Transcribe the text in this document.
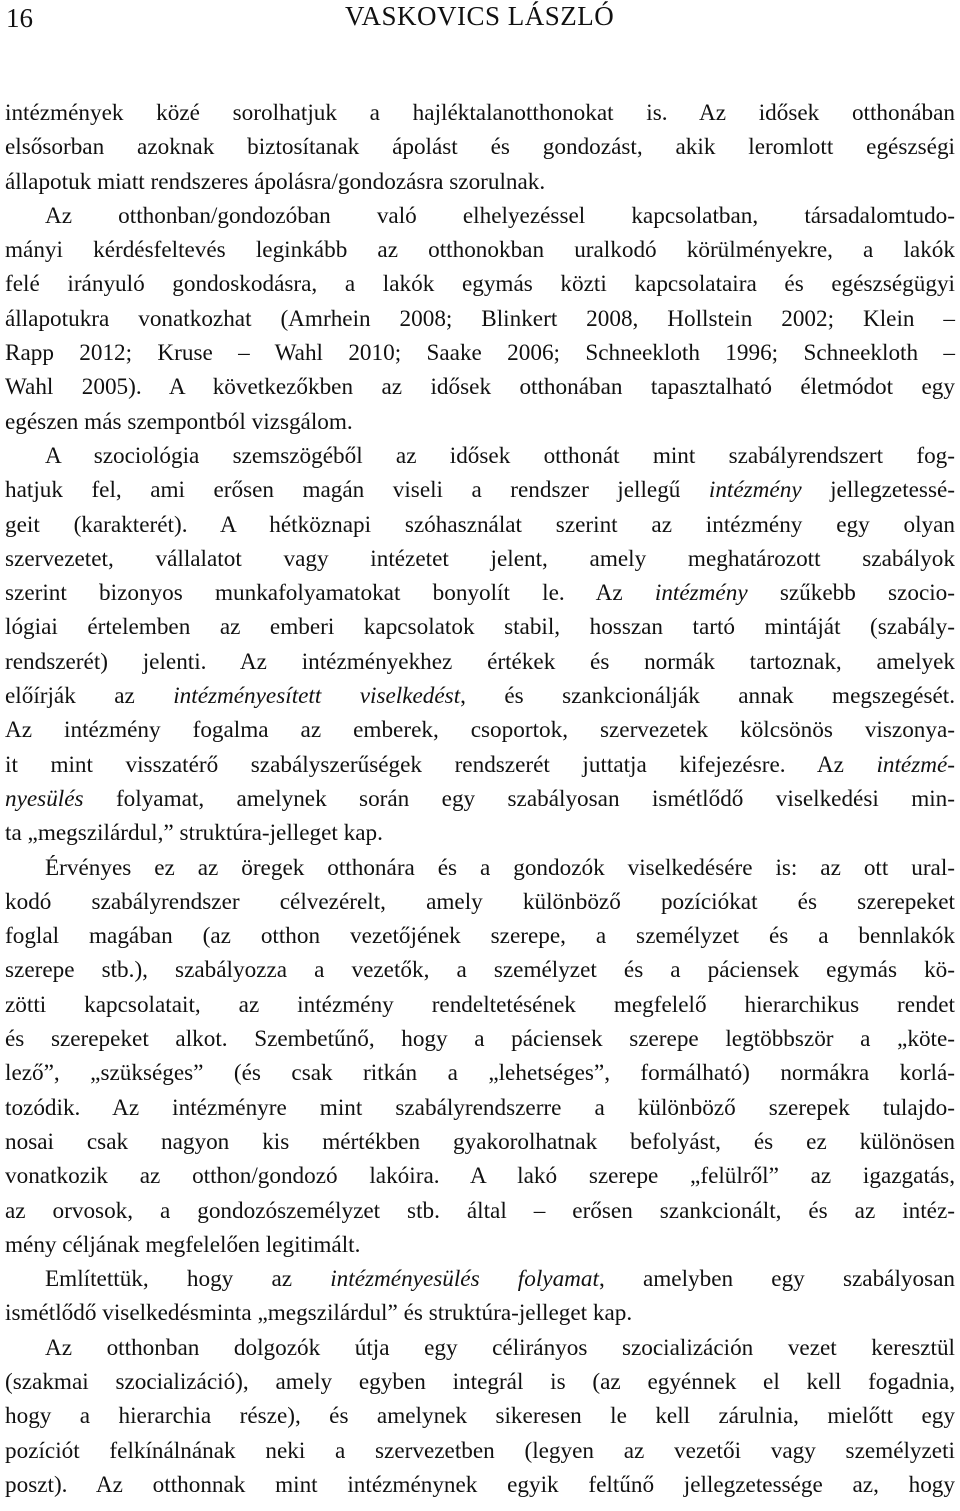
16	VASKOVICS LÁSZLÓ
intézmények közé sorolhatjuk a hajléktalanotthonokat is. Az idősek otthonában
elsősorban azoknak biztosítanak ápolást és gondozást, akik leromlott egészségi
állapotuk miatt rendszeres ápolásra/gondozásra szorulnak.
Az otthonban/gondozóban való elhelyezéssel kapcsolatban, társadalomtudo-
mányi kérdésfeltevés leginkább az otthonokban uralkodó körülményekre, a lakók
felé irányuló gondoskodásra, a lakók egymás közti kapcsolataira és egészségügyi
állapotukra vonatkozhat (Amrhein 2008; Blinkert 2008, Hollstein 2002; Klein –
Rapp 2012; Kruse – Wahl 2010; Saake 2006; Schneekloth 1996; Schneekloth –
Wahl 2005). A következőkben az idősek otthonában tapasztalható életmódot egy
egészen más szempontból vizsgálom.
A szociológia szemszögéből az idősek otthonát mint szabályrendszert fog-
hatjuk fel, ami erősen magán viseli a rendszer jellegű intézmény jellegzetessé-
geit (karakterét). A hétköznapi szóhasználat szerint az intézmény egy olyan
szervezetet, vállalatot vagy intézetet jelent, amely meghatározott szabályok
szerint bizonyos munkafolyamatokat bonyolít le. Az intézmény szűkebb szocio-
lógiai értelemben az emberi kapcsolatok stabil, hosszan tartó mintáját (szabály-
rendszerét) jelenti. Az intézményekhez értékek és normák tartoznak, amelyek
előírják az intézményesített viselkedést, és szankcionálják annak megszegését.
Az intézmény fogalma az emberek, csoportok, szervezetek kölcsönös viszonya-
it mint visszatérő szabályszerűségek rendszerét juttatja kifejezésre. Az intézmé-
nyesülés folyamat, amelynek során egy szabályosan ismétlődő viselkedési min-
ta „megszilárdul,” struktúra-jelleget kap.
Érvényes ez az öregek otthonára és a gondozók viselkedésére is: az ott ural-
kodó szabályrendszer célvezérelt, amely különböző pozíciókat és szerepeket
foglal magában (az otthon vezetőjének szerepe, a személyzet és a bennlakók
szerepe stb.), szabályozza a vezetők, a személyzet és a páciensek egymás kö-
zötti kapcsolatait, az intézmény rendeltetésének megfelelő hierarchikus rendet
és szerepeket alkot. Szembetűnő, hogy a páciensek szerepe legtöbbször a „köte-
lező”, „szükséges” (és csak ritkán a „lehetséges”, formálható) normákra korlá-
tozódik. Az intézményre mint szabályrendszerre a különböző szerepek tulajdo-
nosai csak nagyon kis mértékben gyakorolhatnak befolyást, és ez különösen
vonatkozik az otthon/gondozó lakóira. A lakó szerepe „felülről” az igazgatás,
az orvosok, a gondozószemélyzet stb. által – erősen szankcionált, és az intéz-
mény céljának megfelelően legitimált.
Említettük, hogy az intézményesülés folyamat, amelyben egy szabályosan
ismétlődő viselkedésminta „megszilárdul” és struktúra-jelleget kap.
Az otthonban dolgozók útja egy célirányos szocializáción vezet keresztül
(szakmai szocializáció), amely egyben integrál is (az egyénnek el kell fogadnia,
hogy a hierarchia része), és amelynek sikeresen le kell zárulnia, mielőtt egy
pozíciót felkínálnának neki a szervezetben (legyen az vezetői vagy személyzeti
poszt). Az otthonnak mint intézménynek egyik feltűnő jellegzetessége az, hogy
